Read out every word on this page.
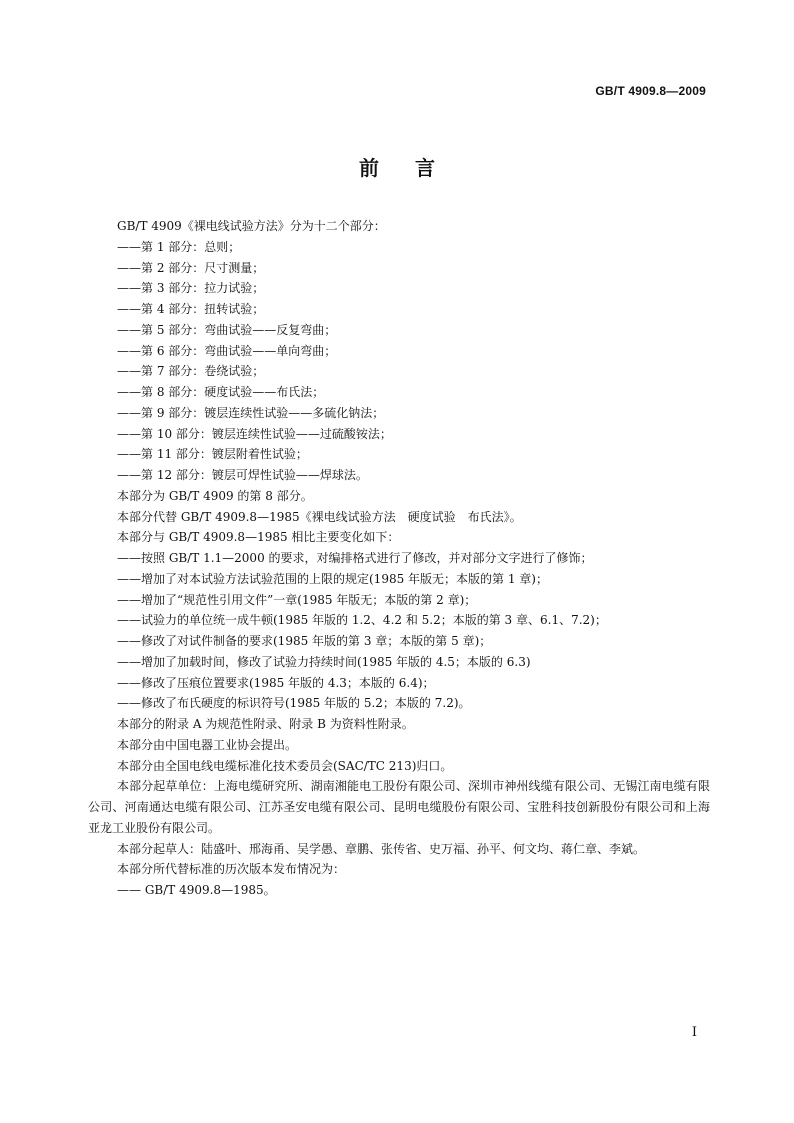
GB/T 4909.8—2009
前言

GB/T 4909《裸电线试验方法》分为十二个部分：

——第 1 部分：总则；

——第 2 部分：尺寸测量；

——第 3 部分：拉力试验；

——第 4 部分：扭转试验；

——第 5 部分：弯曲试验——反复弯曲；

——第 6 部分：弯曲试验——单向弯曲；

——第 7 部分：卷绕试验；

——第 8 部分：硬度试验——布氏法；

——第 9 部分：镀层连续性试验——多硫化钠法；

——第 10 部分：镀层连续性试验——过硫酸铵法；

——第 11 部分：镀层附着性试验；

——第 12 部分：镀层可焊性试验——焊球法。

本部分为 GB/T 4909 的第 8 部分。

本部分代替 GB/T 4909.8—1985《裸电线试验方法　硬度试验　布氏法》。

本部分与 GB/T 4909.8—1985 相比主要变化如下：

——按照 GB/T 1.1—2000 的要求，对编排格式进行了修改，并对部分文字进行了修饰；

——增加了对本试验方法试验范围的上限的规定(1985 年版无；本版的第 1 章)；

——增加了“规范性引用文件”一章(1985 年版无；本版的第 2 章)；

——试验力的单位统一成牛顿(1985 年版的 1.2、4.2 和 5.2；本版的第 3 章、6.1、7.2)；

——修改了对试件制备的要求(1985 年版的第 3 章；本版的第 5 章)；

——增加了加载时间，修改了试验力持续时间(1985 年版的 4.5；本版的 6.3)

——修改了压痕位置要求(1985 年版的 4.3；本版的 6.4)；

——修改了布氏硬度的标识符号(1985 年版的 5.2；本版的 7.2)。

本部分的附录 A 为规范性附录、附录 B 为资料性附录。

本部分由中国电器工业协会提出。

本部分由全国电线电缆标准化技术委员会(SAC/TC 213)归口。

本部分起草单位：上海电缆研究所、湖南湘能电工股份有限公司、深圳市神州线缆有限公司、无锡江南电缆有限公司、河南通达电缆有限公司、江苏圣安电缆有限公司、昆明电缆股份有限公司、宝胜科技创新股份有限公司和上海亚龙工业股份有限公司。

本部分起草人：陆盛叶、邢海甬、吴学愚、章鹏、张传省、史万福、孙平、何文均、蒋仁章、李斌。

本部分所代替标准的历次版本发布情况为：

—— GB/T 4909.8—1985。

I
